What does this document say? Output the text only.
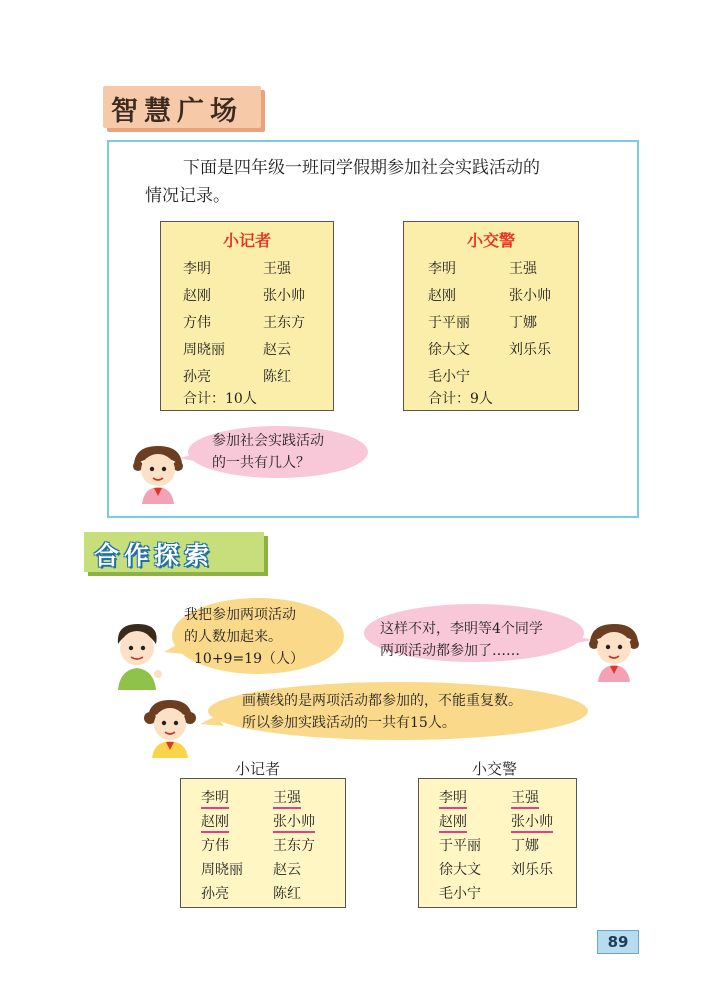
智慧广场
下面是四年级一班同学假期参加社会实践活动的
情况记录。
小记者
李明
赵刚
方伟
周晓丽
孙亮
王强
张小帅
王东方
赵云
陈红
合计：10人
小交警
李明
赵刚
于平丽
徐大文
毛小宁
王强
张小帅
丁娜
刘乐乐
合计：9人
参加社会实践活动
的一共有几人？
合作探索
我把参加两项活动
的人数加起来。
10+9=19（人）
这样不对，李明等4个同学
两项活动都参加了……
画横线的是两项活动都参加的，不能重复数。
所以参加实践活动的一共有15人。
小记者
李明
赵刚
方伟
周晓丽
孙亮
王强
张小帅
王东方
赵云
陈红
小交警
李明
赵刚
于平丽
徐大文
毛小宁
王强
张小帅
丁娜
刘乐乐
89
